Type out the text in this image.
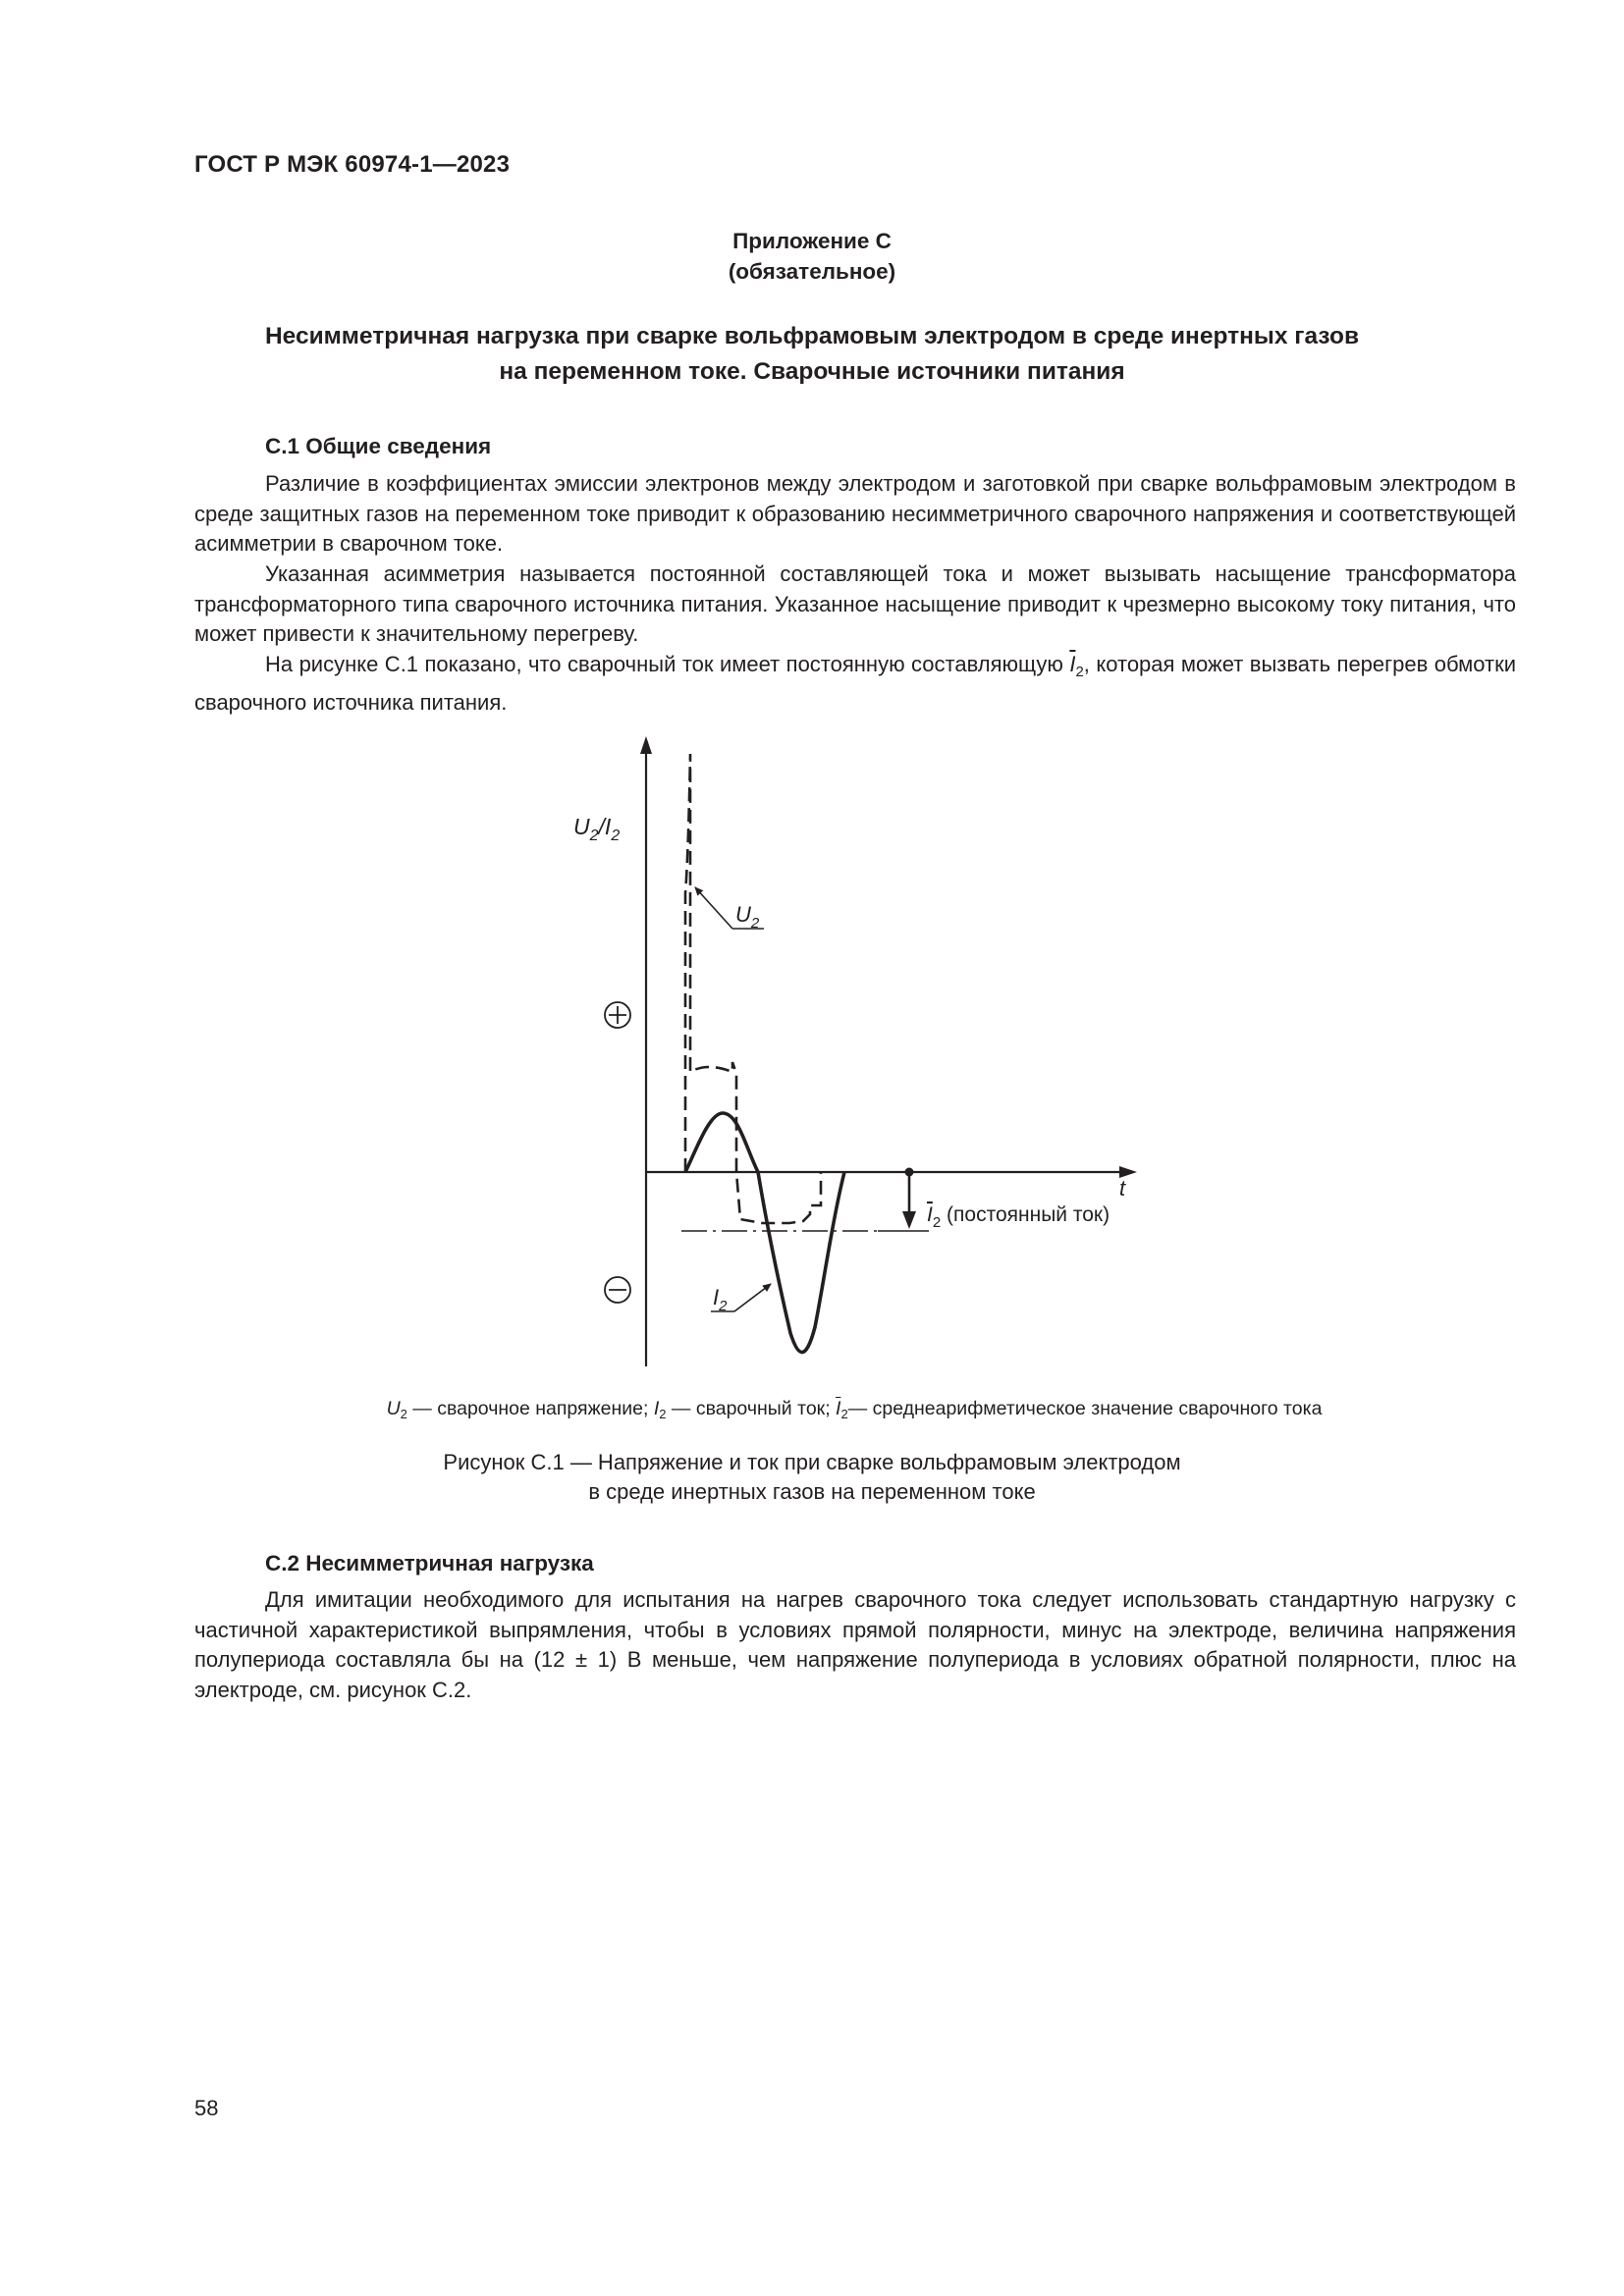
ГОСТ Р МЭК 60974-1—2023
Приложение C
(обязательное)
Несимметричная нагрузка при сварке вольфрамовым электродом в среде инертных газов
на переменном токе. Сварочные источники питания
C.1 Общие сведения
Различие в коэффициентах эмиссии электронов между электродом и заготовкой при сварке вольфрамовым электродом в среде защитных газов на переменном токе приводит к образованию несимметричного сварочного напряжения и соответствующей асимметрии в сварочном токе.
Указанная асимметрия называется постоянной составляющей тока и может вызывать насыщение трансформатора трансформаторного типа сварочного источника питания. Указанное насыщение приводит к чрезмерно высокому току питания, что может привести к значительному перегреву.
На рисунке C.1 показано, что сварочный ток имеет постоянную составляющую $\overline{I}_2$, которая может вызвать перегрев обмотки сварочного источника питания.
$U_2/I_2$
t
$I_2$ (постоянный ток)
$U_2$
$I_2$
$U_2$ — сварочное напряжение; $I_2$ — сварочный ток; $\overline{I}_2—$ среднеарифметическое значение сварочного тока
Рисунок C.1 — Напряжение и ток при сварке вольфрамовым электродом
в среде инертных газов на переменном токе
C.2 Несимметричная нагрузка
Для имитации необходимого для испытания на нагрев сварочного тока следует использовать стандартную нагрузку с частичной характеристикой выпрямления, чтобы в условиях прямой полярности, минус на электроде, величина напряжения полупериода составляла бы на (12 ± 1) В меньше, чем напряжение полупериода в условиях обратной полярности, плюс на электроде, см. рисунок C.2.
58
